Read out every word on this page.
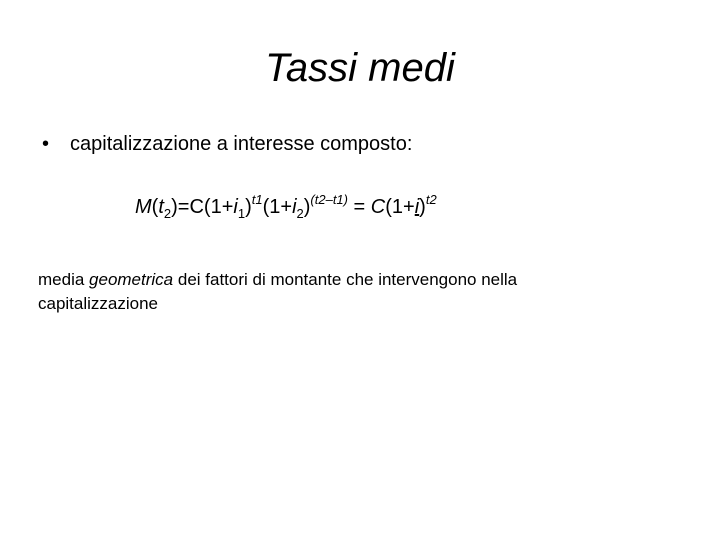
Tassi medi
• capitalizzazione a interesse composto:
$M(t_2)=C(1+i_1)^{t1}(1+i_2)^{(t2-t1)} = C(1+i)^{t2}$
media geometrica dei fattori di montante che intervengono nella capitalizzazione
